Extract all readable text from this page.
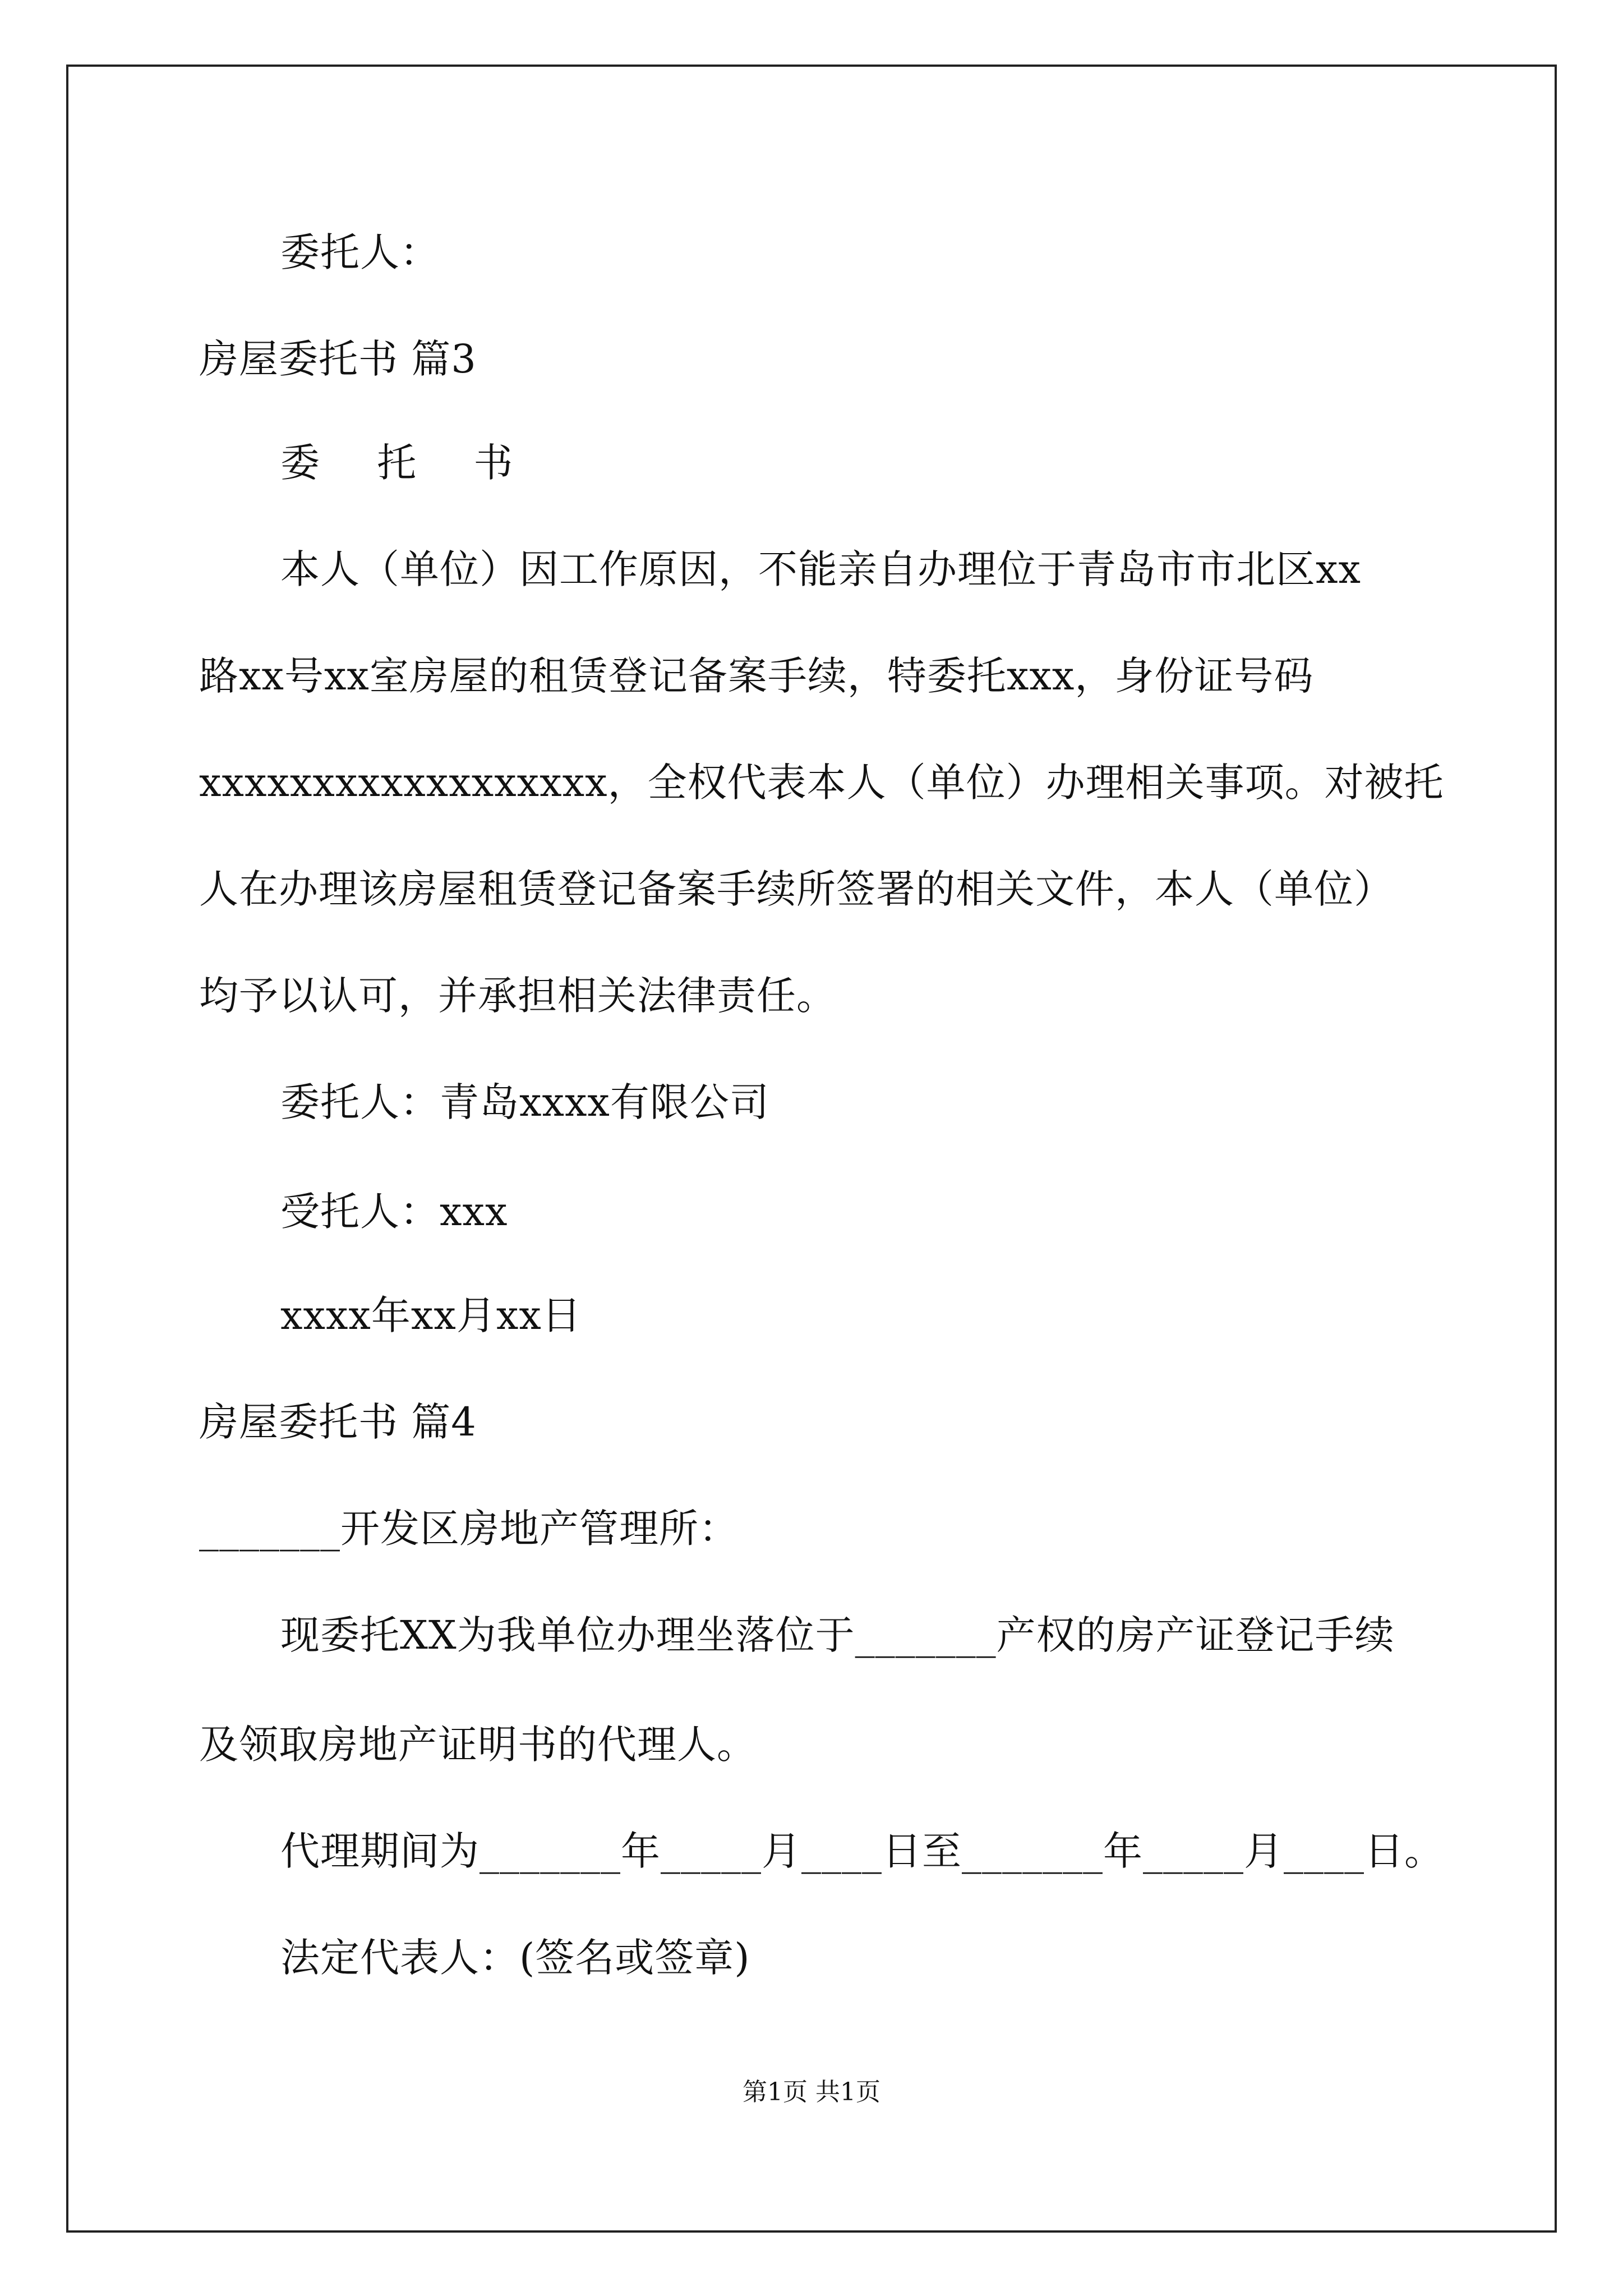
委托人：
房屋委托书 篇3
委 托 书
本人（单位）因工作原因，不能亲自办理位于青岛市市北区xx
路xx号xx室房屋的租赁登记备案手续，特委托xxx，身份证号码
xxxxxxxxxxxxxxxxxx，全权代表本人（单位）办理相关事项。对被托
人在办理该房屋租赁登记备案手续所签署的相关文件，本人（单位）
均予以认可，并承担相关法律责任。
委托人：青岛xxxx有限公司
受托人：xxx
xxxx年xx月xx日
房屋委托书 篇4
_______开发区房地产管理所：
现委托XX为我单位办理坐落位于_______产权的房产证登记手续
及领取房地产证明书的代理人。
代理期间为_______年_____月____日至_______年_____月____日。
法定代表人：(签名或签章)
第1页 共1页
